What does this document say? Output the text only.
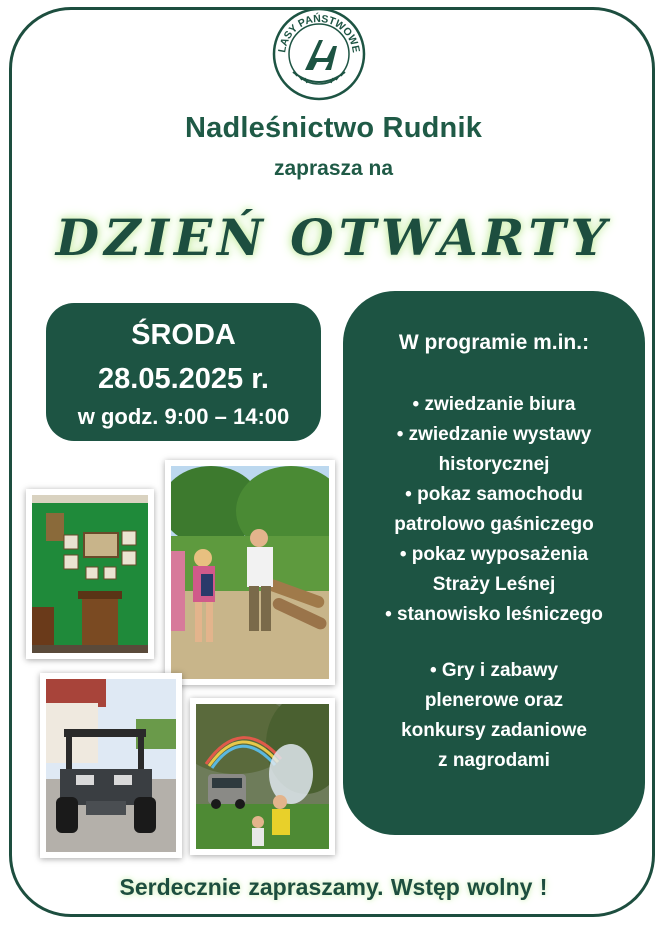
LASY PAŃSTWOWE
Nadleśnictwo Rudnik
zaprasza na
DZIEŃ OTWARTY
ŚRODA
28.05.2025 r.
w godz. 9:00 – 14:00
W programie m.in.:
• zwiedzanie biura
• zwiedzanie wystawy
historycznej
• pokaz samochodu
patrolowo gaśniczego
• pokaz wyposażenia
Straży Leśnej
• stanowisko leśniczego
• Gry i zabawy
plenerowe oraz
konkursy zadaniowe
z nagrodami
Serdecznie zapraszamy. Wstęp wolny !
